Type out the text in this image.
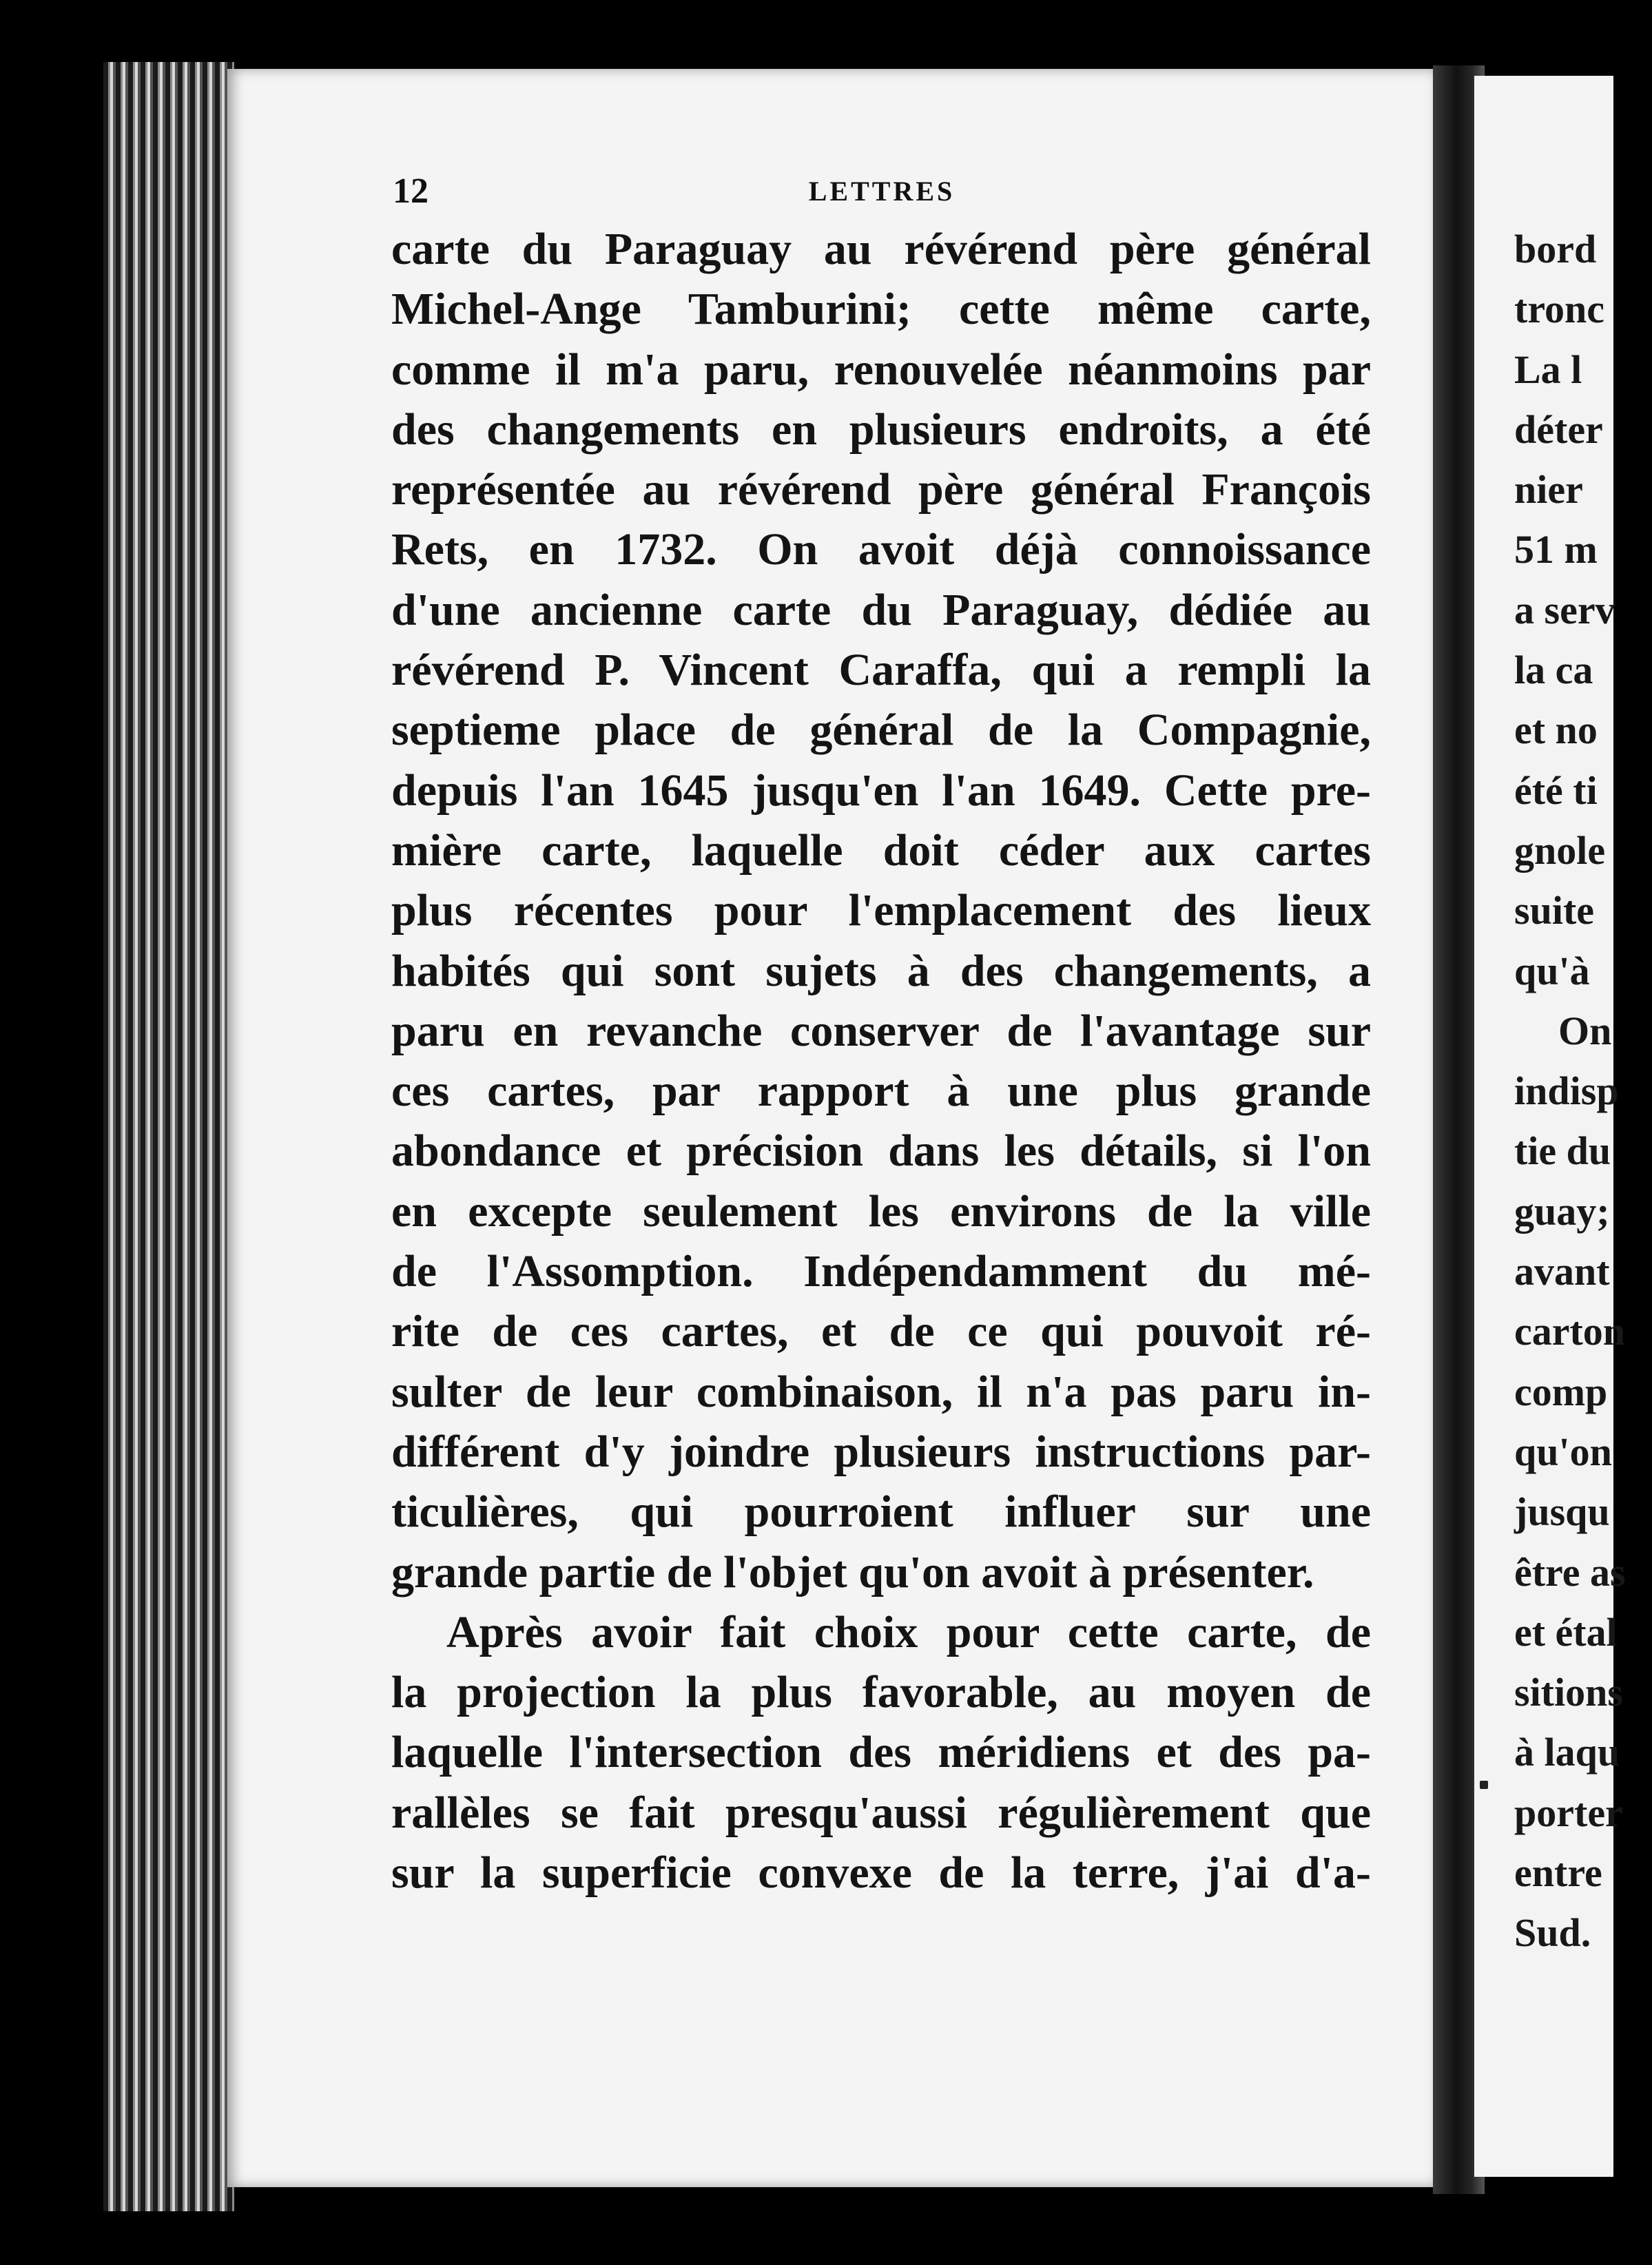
12	LETTRES
carte du Paraguay au révérend père général
Michel-Ange Tamburini; cette même carte,
comme il m'a paru, renouvelée néanmoins par
des changements en plusieurs endroits, a été
représentée au révérend père général François
Rets, en 1732. On avoit déjà connoissance
d'une ancienne carte du Paraguay, dédiée au
révérend P. Vincent Caraffa, qui a rempli la
septieme place de général de la Compagnie,
depuis l'an 1645 jusqu'en l'an 1649. Cette pre-
mière carte, laquelle doit céder aux cartes
plus récentes pour l'emplacement des lieux
habités qui sont sujets à des changements, a
paru en revanche conserver de l'avantage sur
ces cartes, par rapport à une plus grande
abondance et précision dans les détails, si l'on
en excepte seulement les environs de la ville
de l'Assomption. Indépendamment du mé-
rite de ces cartes, et de ce qui pouvoit ré-
sulter de leur combinaison, il n'a pas paru in-
différent d'y joindre plusieurs instructions par-
ticulières, qui pourroient influer sur une
grande partie de l'objet qu'on avoit à présenter.
Après avoir fait choix pour cette carte, de
la projection la plus favorable, au moyen de
laquelle l'intersection des méridiens et des pa-
rallèles se fait presqu'aussi régulièrement que
sur la superficie convexe de la terre, j'ai d'a-
bord
tronc
La l
déter
nier
51 m
a serv
la ca
et no
été ti
gnole
suite
qu'à
On
indisp
tie du
guay;
avant
carton
comp
qu'on
jusqu
être as
et étal
sitions
à laqu
porter
entre
Sud.
